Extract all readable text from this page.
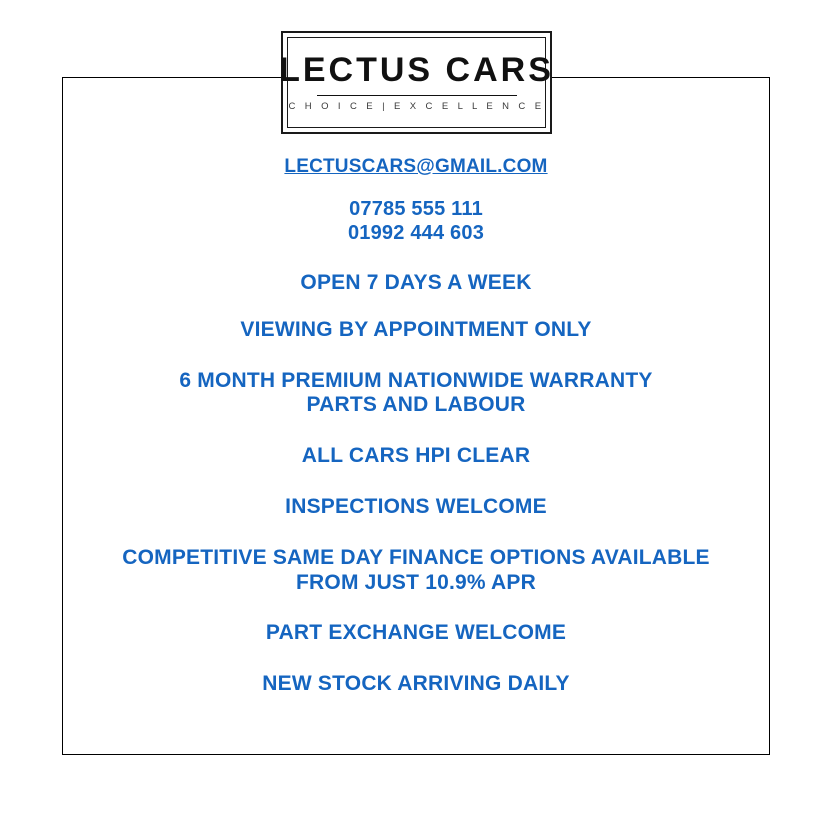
LECTUS CARS
C H O I C E | E X C E L L E N C E
LECTUSCARS@GMAIL.COM
07785 555 111
01992 444 603
OPEN 7 DAYS A WEEK
VIEWING BY APPOINTMENT ONLY
6 MONTH PREMIUM NATIONWIDE WARRANTY
PARTS AND LABOUR
ALL CARS HPI CLEAR
INSPECTIONS WELCOME
COMPETITIVE SAME DAY FINANCE OPTIONS AVAILABLE
FROM JUST 10.9% APR
PART EXCHANGE WELCOME
NEW STOCK ARRIVING DAILY
